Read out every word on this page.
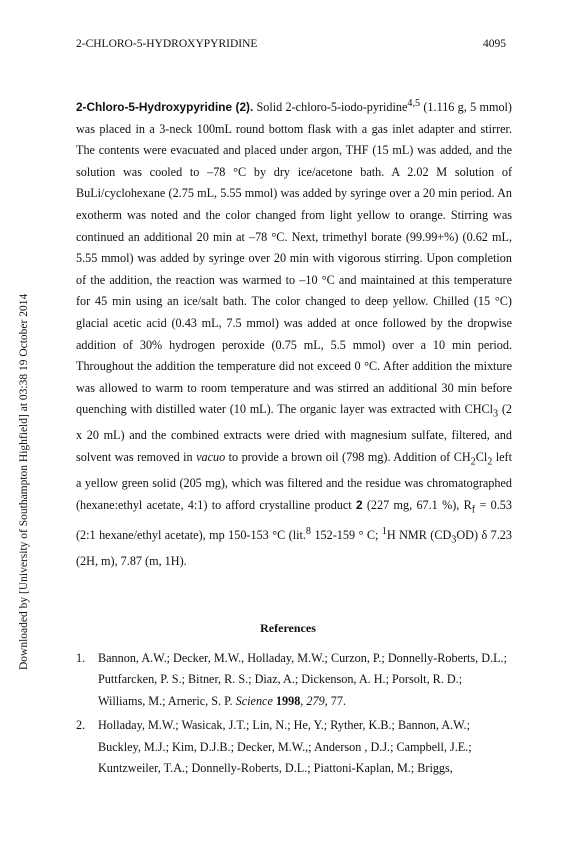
Downloaded by [University of Southampton Highfield] at 03:38 19 October 2014
2-CHLORO-5-HYDROXYPYRIDINE	4095
2-Chloro-5-Hydroxypyridine (2). Solid 2-chloro-5-iodo-pyridine$^{4,5}$ (1.116 g, 5 mmol) was placed in a 3-neck 100mL round bottom flask with a gas inlet adapter and stirrer. The contents were evacuated and placed under argon, THF (15 mL) was added, and the solution was cooled to –78 °C by dry ice/acetone bath. A 2.02 M solution of BuLi/cyclohexane (2.75 mL, 5.55 mmol) was added by syringe over a 20 min period. An exotherm was noted and the color changed from light yellow to orange. Stirring was continued an additional 20 min at –78 °C. Next, trimethyl borate (99.99+%) (0.62 mL, 5.55 mmol) was added by syringe over 20 min with vigorous stirring. Upon completion of the addition, the reaction was warmed to –10 °C and maintained at this temperature for 45 min using an ice/salt bath. The color changed to deep yellow. Chilled (15 °C) glacial acetic acid (0.43 mL, 7.5 mmol) was added at once followed by the dropwise addition of 30% hydrogen peroxide (0.75 mL, 5.5 mmol) over a 10 min period. Throughout the addition the temperature did not exceed 0 °C. After addition the mixture was allowed to warm to room temperature and was stirred an additional 30 min before quenching with distilled water (10 mL). The organic layer was extracted with CHCl$_3$ (2 x 20 mL) and the combined extracts were dried with magnesium sulfate, filtered, and solvent was removed in vacuo to provide a brown oil (798 mg). Addition of $CH_2Cl_2$ left a yellow green solid (205 mg), which was filtered and the residue was chromatographed (hexane:ethyl acetate, 4:1) to afford crystalline product 2 (227 mg, 67.1 %), $R_f = 0.53$ (2:1 hexane/ethyl acetate), mp 150-153 °C (lit.$^8$ 152-159 ° C; $^1$H NMR $(CD_3OD)$ δ 7.23 (2H, m), 7.87 (m, 1H).
References
1.	Bannon, A.W.; Decker, M.W., Holladay, M.W.; Curzon, P.; Donnelly-Roberts, D.L.; Puttfarcken, P. S.; Bitner, R. S.; Diaz, A.; Dickenson, A. H.; Porsolt, R. D.; Williams, M.; Arneric, S. P. Science 1998, 279, 77.
2.	Holladay, M.W.; Wasicak, J.T.; Lin, N.; He, Y.; Ryther, K.B.; Bannon, A.W.; Buckley, M.J.; Kim, D.J.B.; Decker, M.W.,; Anderson , D.J.; Campbell, J.E.; Kuntzweiler, T.A.; Donnelly-Roberts, D.L.; Piattoni-Kaplan, M.; Briggs,
